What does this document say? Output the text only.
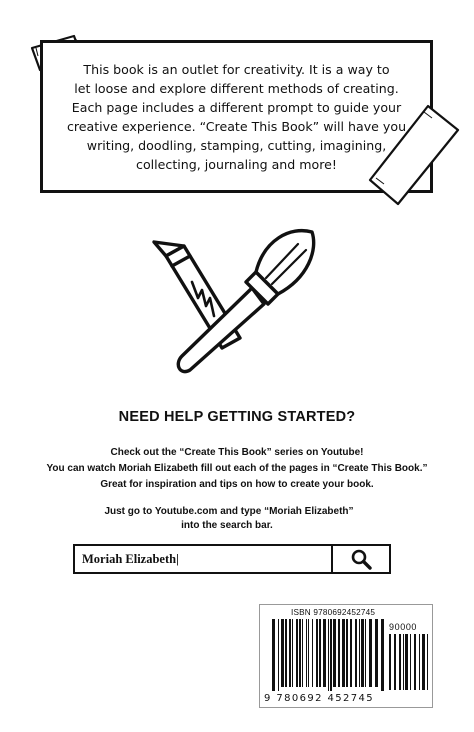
This book is an outlet for creativity. It is a way to
let loose and explore different methods of creating.
Each page includes a different prompt to guide your
creative experience. “Create This Book” will have you
writing, doodling, stamping, cutting, imagining,
collecting, journaling and more!
NEED HELP GETTING STARTED?
Check out the “Create This Book” series on Youtube!
You can watch Moriah Elizabeth fill out each of the pages in “Create This Book.”
Great for inspiration and tips on how to create your book.
Just go to Youtube.com and type “Moriah Elizabeth”
into the search bar.
Moriah Elizabeth|
ISBN 9780692452745
90000
9 780692 452745
